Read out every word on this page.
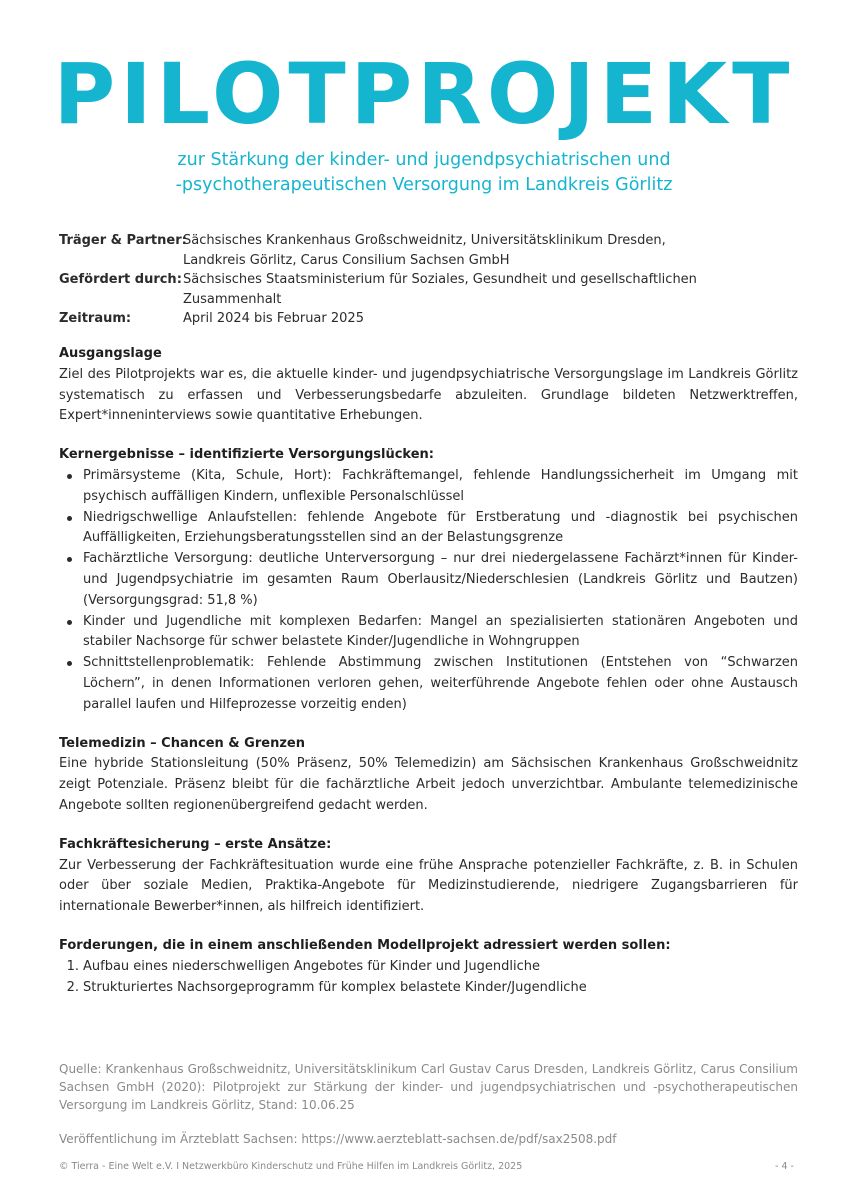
PILOTPROJEKT
zur Stärkung der kinder- und jugendpsychiatrischen und
-psychotherapeutischen Versorgung im Landkreis Görlitz
Träger & Partner:
Sächsisches Krankenhaus Großschweidnitz, Universitätsklinikum Dresden,
Landkreis Görlitz, Carus Consilium Sachsen GmbH
Gefördert durch: Sächsisches Staatsministerium für Soziales, Gesundheit und gesellschaftlichen
Zusammenhalt
Zeitraum:	April 2024 bis Februar 2025
Ausgangslage

Ziel des Pilotprojekts war es, die aktuelle kinder- und jugendpsychiatrische Versorgungslage im Landkreis Görlitz systematisch zu erfassen und Verbesserungsbedarfe abzuleiten. Grundlage bildeten Netzwerktreffen, Expert*inneninterviews sowie quantitative Erhebungen.

Kernergebnisse – identifizierte Versorgungslücken:
Primärsysteme (Kita, Schule, Hort): Fachkräftemangel, fehlende Handlungssicherheit im Umgang mit psychisch auffälligen Kindern, unflexible Personalschlüssel
Niedrigschwellige Anlaufstellen: fehlende Angebote für Erstberatung und -diagnostik bei psychischen Auffälligkeiten, Erziehungsberatungsstellen sind an der Belastungsgrenze
Fachärztliche Versorgung: deutliche Unterversorgung – nur drei niedergelassene Fachärzt*innen für Kinder- und Jugendpsychiatrie im gesamten Raum Oberlausitz/Niederschlesien (Landkreis Görlitz und Bautzen) (Versorgungsgrad: 51,8 %)
Kinder und Jugendliche mit komplexen Bedarfen: Mangel an spezialisierten stationären Angeboten und stabiler Nachsorge für schwer belastete Kinder/Jugendliche in Wohngruppen
Schnittstellenproblematik: Fehlende Abstimmung zwischen Institutionen (Entstehen von “Schwarzen Löchern”, in denen Informationen verloren gehen, weiterführende Angebote fehlen oder ohne Austausch parallel laufen und Hilfeprozesse vorzeitig enden)
Telemedizin – Chancen & Grenzen

Eine hybride Stationsleitung (50% Präsenz, 50% Telemedizin) am Sächsischen Krankenhaus Großschweidnitz zeigt Potenziale. Präsenz bleibt für die fachärztliche Arbeit jedoch unverzichtbar. Ambulante telemedizinische Angebote sollten regionenübergreifend gedacht werden.

Fachkräftesicherung – erste Ansätze:

Zur Verbesserung der Fachkräftesituation wurde eine frühe Ansprache potenzieller Fachkräfte, z. B. in Schulen oder über soziale Medien, Praktika-Angebote für Medizinstudierende, niedrigere Zugangsbarrieren für internationale Bewerber*innen, als hilfreich identifiziert.

Forderungen, die in einem anschließenden Modellprojekt adressiert werden sollen:
1. Aufbau eines niederschwelligen Angebotes für Kinder und Jugendliche
2. Strukturiertes Nachsorgeprogramm für komplex belastete Kinder/Jugendliche
Quelle: Krankenhaus Großschweidnitz, Universitätsklinikum Carl Gustav Carus Dresden, Landkreis Görlitz, Carus Consilium Sachsen GmbH (2020): Pilotprojekt zur Stärkung der kinder- und jugendpsychiatrischen und -psychotherapeutischen Versorgung im Landkreis Görlitz, Stand: 10.06.25
Veröffentlichung im Ärzteblatt Sachsen: https://www.aerzteblatt-sachsen.de/pdf/sax2508.pdf
© Tierra - Eine Welt e.V. I Netzwerkbüro Kinderschutz und Frühe Hilfen im Landkreis Görlitz, 2025	- 4 -
